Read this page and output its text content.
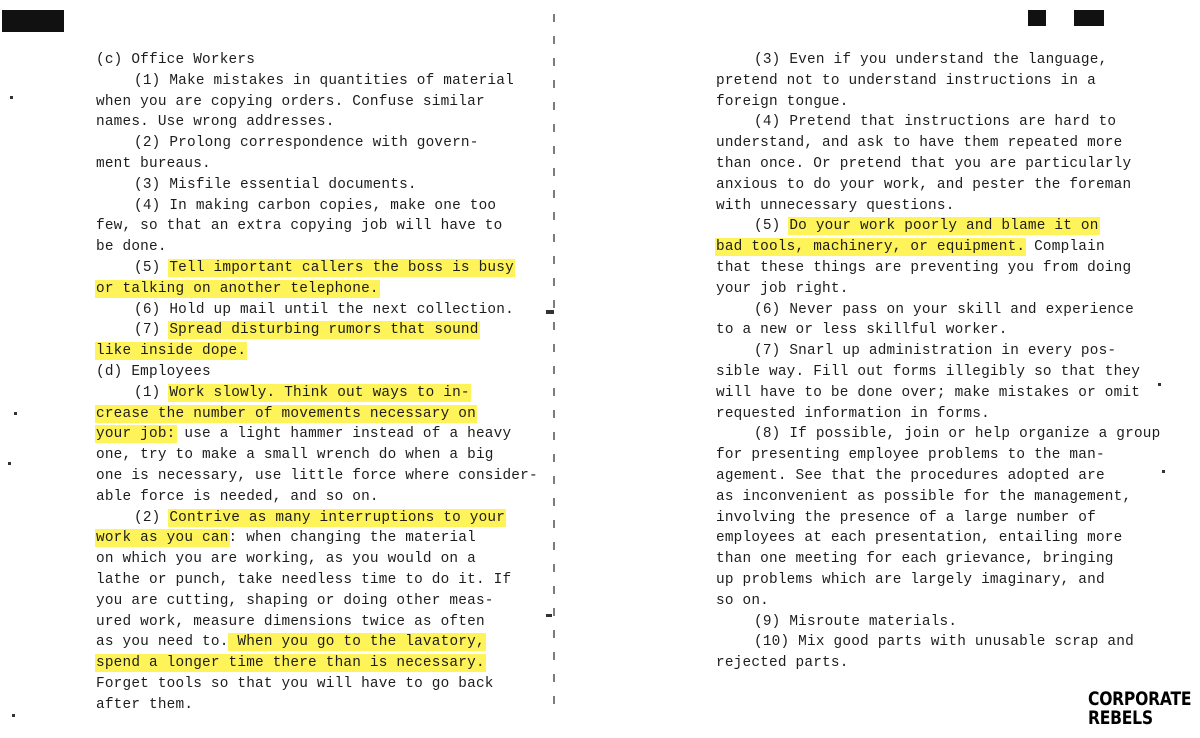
(c) Office Workers
(1) Make mistakes in quantities of material
when you are copying orders. Confuse similar
names. Use wrong addresses.
(2) Prolong correspondence with govern-
ment bureaus.
(3) Misfile essential documents.
(4) In making carbon copies, make one too
few, so that an extra copying job will have to
be done.
(5) Tell important callers the boss is busy
or talking on another telephone.
(6) Hold up mail until the next collection.
(7) Spread disturbing rumors that sound
like inside dope.
(d) Employees
(1) Work slowly. Think out ways to in-
crease the number of movements necessary on
your job: use a light hammer instead of a heavy
one, try to make a small wrench do when a big
one is necessary, use little force where consider-
able force is needed, and so on.
(2) Contrive as many interruptions to your
work as you can: when changing the material
on which you are working, as you would on a
lathe or punch, take needless time to do it. If
you are cutting, shaping or doing other meas-
ured work, measure dimensions twice as often
as you need to. When you go to the lavatory,
spend a longer time there than is necessary.
Forget tools so that you will have to go back
after them.
(3) Even if you understand the language,
pretend not to understand instructions in a
foreign tongue.
(4) Pretend that instructions are hard to
understand, and ask to have them repeated more
than once. Or pretend that you are particularly
anxious to do your work, and pester the foreman
with unnecessary questions.
(5) Do your work poorly and blame it on
bad tools, machinery, or equipment. Complain
that these things are preventing you from doing
your job right.
(6) Never pass on your skill and experience
to a new or less skillful worker.
(7) Snarl up administration in every pos-
sible way. Fill out forms illegibly so that they
will have to be done over; make mistakes or omit
requested information in forms.
(8) If possible, join or help organize a group
for presenting employee problems to the man-
agement. See that the procedures adopted are
as inconvenient as possible for the management,
involving the presence of a large number of
employees at each presentation, entailing more
than one meeting for each grievance, bringing
up problems which are largely imaginary, and
so on.
(9) Misroute materials.
(10) Mix good parts with unusable scrap and
rejected parts.
CORPORATE
REBELS
